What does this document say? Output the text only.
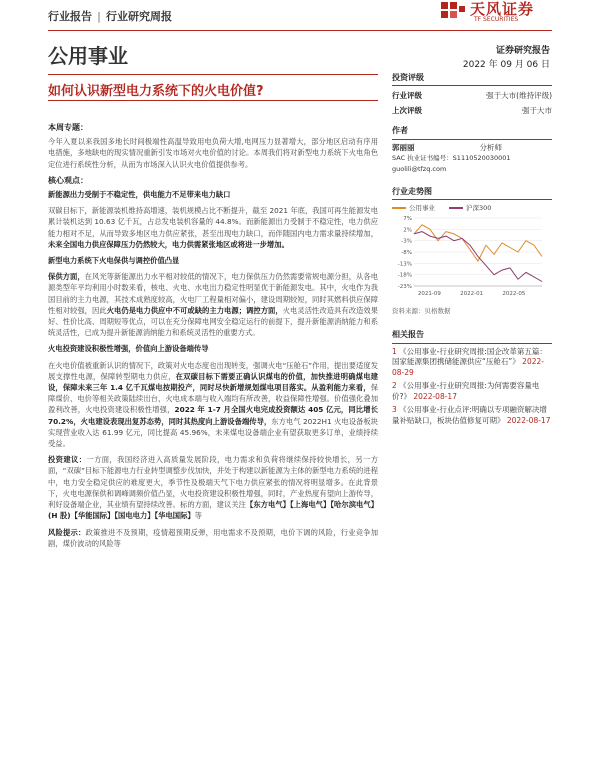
行业报告 | 行业研究周报	天风证券
TF SECURITIES
公用事业	证券研究报告
2022 年 09 月 06 日
如何认识新型电力系统下的火电价值?
本周专题：

今年入夏以来我国多地长时间极端性高温导致用电负荷大增,电网压力显著增大，部分地区启动有序用电措施，多地缺电的现实情况重新引发市场对火电价值的讨论。本周我们将对新型电力系统下火电角色定位进行系统性分析，从而为市场深入认识火电价值提供参考。

核心观点：

新能源出力受制于不稳定性，供电能力不足带来电力缺口

双碳目标下，新能源装机维持高增速，装机规模占比不断提升，截至 2021 年底，我国可再生能源发电累计装机达到 10.63 亿千瓦，占总发电装机容量的 44.8%。而新能源出力受制于不稳定性，电力供应能力相对不足，从而导致多地区电力供应紧张，甚至出现电力缺口，而伴随国内电力需求量持续增加，未来全国电力供应保障压力仍然较大，电力供需紧张地区或将进一步增加。

新型电力系统下火电保供与调控价值凸显

保供方面，在风光等新能源出力水平相对较低的情况下，电力保供压力仍然需要常规电源分担，从各电源类型年平均利用小时数来看，核电、火电、水电出力稳定性明显优于新能源发电。其中，火电作为我国目前的主力电源，其技术成熟度较高，火电厂工程量相对偏小，建设周期较短，同时其燃料供应保障性相对较强，因此火电仍是电力供应中不可或缺的主力电源；调控方面，火电灵活性改造具有改造效果好、性价比高、周期短等优点，可以在充分保障电网安全稳定运行的前提下，提升新能源消纳能力和系统灵活性，已成为提升新能源消纳能力和系统灵活性的重要方式。

火电投资建设积极性增强，价值向上游设备端传导

在火电价值被重新认识的情况下，政策对火电态度也出现转变，强调火电“压舱石”作用，提出要适度发展支撑性电源，保障转型期电力供应，在双碳目标下需要正确认识煤电的价值，加快推进明确煤电建设，保障未来三年 1.4 亿千瓦煤电按期投产，同时尽快新增规划煤电项目落实。从盈利能力来看，保障煤价、电价等相关政策陆续出台，火电成本端与收入端均有所改善，收益保障性增强。价值强化叠加盈利改善，火电投资建设积极性增强，2022 年 1-7 月全国火电完成投资额达 405 亿元，同比增长 70.2%，火电建设表现出复苏态势，同时其热度向上游设备端传导，东方电气 2022H1 火电设备板块实现营业收入达 61.99 亿元，同比提高 45.96%，未来煤电设备端企业有望获取更多订单，业绩持续受益。

投资建议：一方面，我国经济进入高质量发展阶段，电力需求和负荷将继续保持较快增长，另一方面，“双碳”目标下能源电力行业转型调整步伐加快，并处于构建以新能源为主体的新型电力系统的进程中，电力安全稳定供应的难度更大，季节性及极端天气下电力供应紧张的情况将明显增多。在此背景下，火电电源保供和调峰调频价值凸显，火电投资建设积极性增强，同时，产业热度有望向上游传导，利好设备端企业，其业绩有望持续改善。标的方面，建议关注【东方电气】【上海电气】【哈尔滨电气】(H 股)【华能国际】【国电电力】【华电国际】等

风险提示：政策推进不及预期，疫情超预期反弹，用电需求不及预期，电价下调的风险，行业竞争加剧，煤价波动的风险等

投资评级
行业评级	强于大市(维持评级)
上次评级	强于大市
作者
郭丽丽	分析师
SAC 执业证书编号：S1110520030001
guolili@tfzq.com
行业走势图
公用事业	沪深300
7%
2%
-3%
-8%
-13%
-18%
-23%
2021-09	2022-01	2022-05
资料来源：贝格数据
相关报告
1 《公用事业-行业研究周报:国企改革第五篇：国家能源集团携储能源供应“压舱石”》 2022-08-29
2 《公用事业-行业研究周报:为何需要容量电价?》 2022-08-17
3 《公用事业-行业点评:明确以专项融资解决增量补贴缺口，板块估值修复可期》 2022-08-17
